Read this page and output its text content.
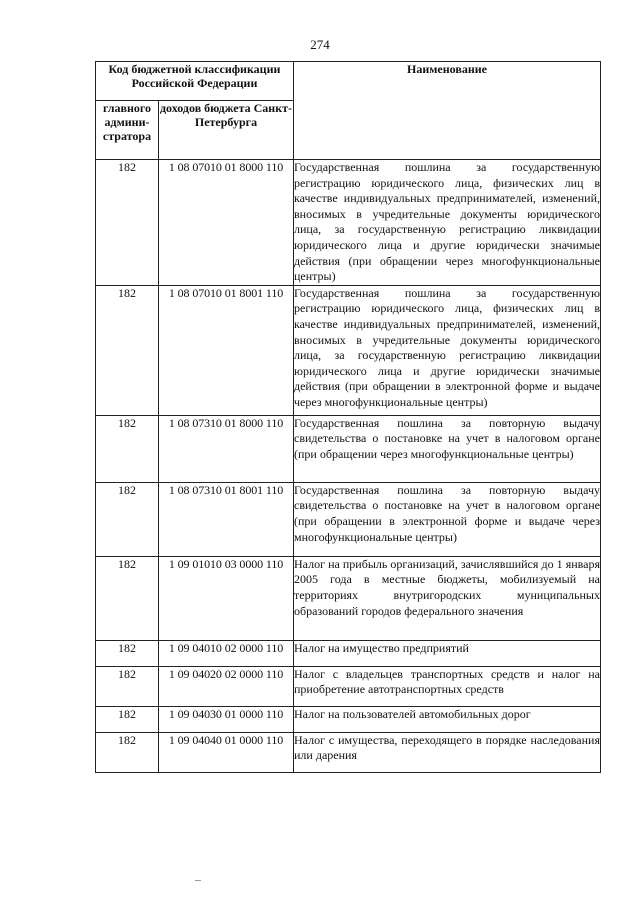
274
Код бюджетной классификации Российской Федерации		Наименование
главного админи-стратора	доходов бюджета Санкт-Петербурга	
182	1 08 07010 01 8000 110	Государственная пошлина за государственную регистрацию юридического лица, физических лиц в качестве индивидуальных предпринимателей, изменений, вносимых в учредительные документы юридического лица, за государственную регистрацию ликвидации юридического лица и другие юридически значимые действия (при обращении через многофункциональные центры)
182	1 08 07010 01 8001 110	Государственная пошлина за государственную регистрацию юридического лица, физических лиц в качестве индивидуальных предпринимателей, изменений, вносимых в учредительные документы юридического лица, за государственную регистрацию ликвидации юридического лица и другие юридически значимые действия (при обращении в электронной форме и выдаче через многофункциональные центры)
182	1 08 07310 01 8000 110	Государственная пошлина за повторную выдачу свидетельства о постановке на учет в налоговом органе (при обращении через многофункциональные центры)
182	1 08 07310 01 8001 110	Государственная пошлина за повторную выдачу свидетельства о постановке на учет в налоговом органе (при обращении в электронной форме и выдаче через многофункциональные центры)
182	1 09 01010 03 0000 110	Налог на прибыль организаций, зачислявшийся до 1 января 2005 года в местные бюджеты, мобилизуемый на территориях внутригородских муниципальных образований городов федерального значения
182	1 09 04010 02 0000 110	Налог на имущество предприятий
182	1 09 04020 02 0000 110	Налог с владельцев транспортных средств и налог на приобретение автотранспортных средств
182	1 09 04030 01 0000 110	Налог на пользователей автомобильных дорог
182	1 09 04040 01 0000 110	Налог с имущества, переходящего в порядке наследования или дарения
